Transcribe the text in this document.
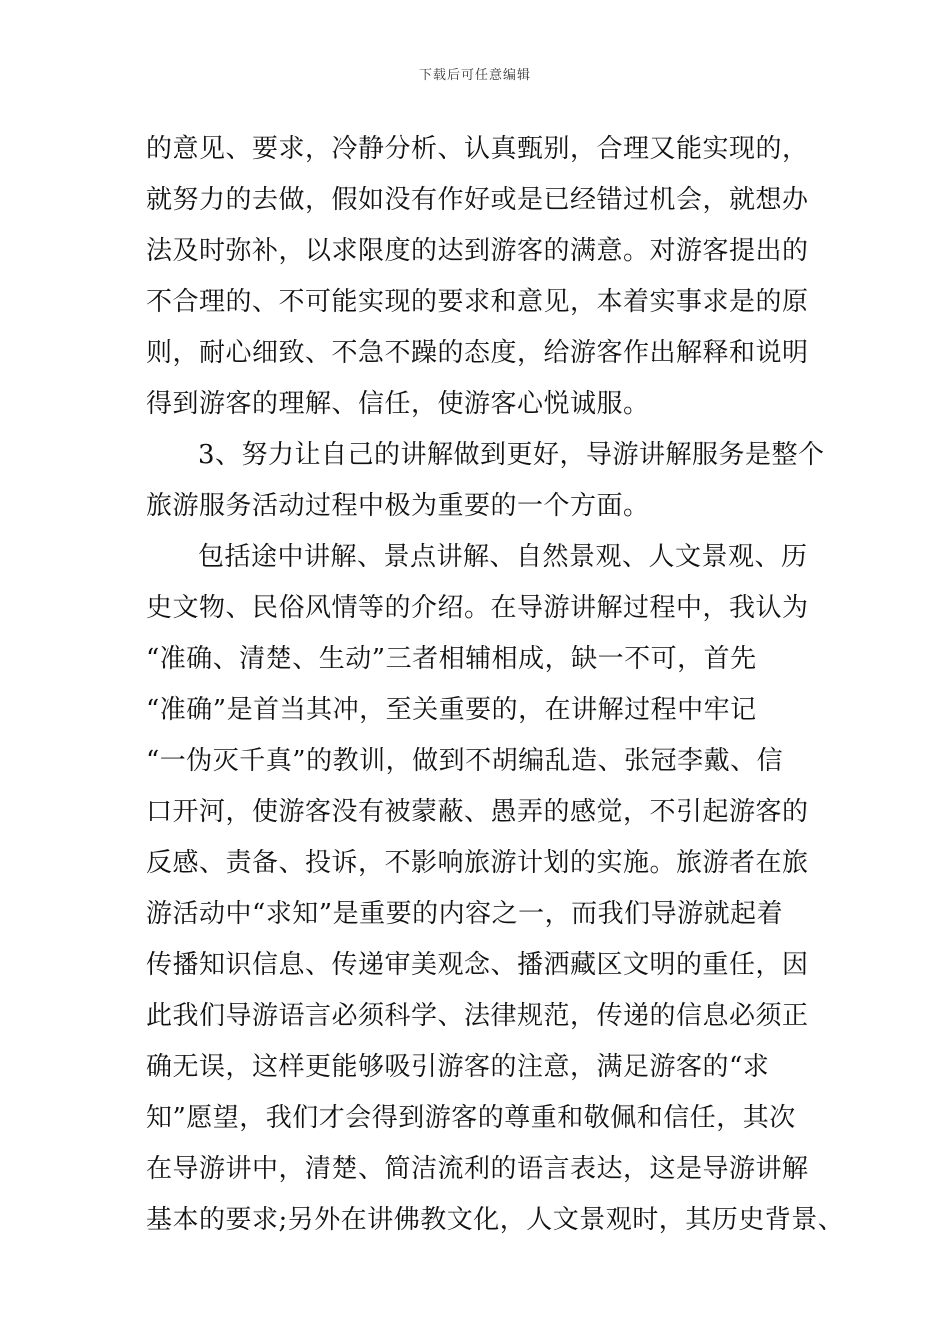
下载后可任意编辑
的意见、要求，冷静分析、认真甄别，合理又能实现的，
就努力的去做，假如没有作好或是已经错过机会，就想办
法及时弥补，以求限度的达到游客的满意。对游客提出的
不合理的、不可能实现的要求和意见，本着实事求是的原
则，耐心细致、不急不躁的态度，给游客作出解释和说明
得到游客的理解、信任，使游客心悦诚服。
3、努力让自己的讲解做到更好，导游讲解服务是整个
旅游服务活动过程中极为重要的一个方面。
包括途中讲解、景点讲解、自然景观、人文景观、历
史文物、民俗风情等的介绍。在导游讲解过程中，我认为
“准确、清楚、生动”三者相辅相成，缺一不可，首先
“准确”是首当其冲，至关重要的，在讲解过程中牢记
“一伪灭千真”的教训，做到不胡编乱造、张冠李戴、信
口开河，使游客没有被蒙蔽、愚弄的感觉，不引起游客的
反感、责备、投诉，不影响旅游计划的实施。旅游者在旅
游活动中“求知”是重要的内容之一，而我们导游就起着
传播知识信息、传递审美观念、播洒藏区文明的重任，因
此我们导游语言必须科学、法律规范，传递的信息必须正
确无误，这样更能够吸引游客的注意，满足游客的“求
知”愿望，我们才会得到游客的尊重和敬佩和信任，其次
在导游讲中，清楚、简洁流利的语言表达，这是导游讲解
基本的要求;另外在讲佛教文化，人文景观时，其历史背景、
